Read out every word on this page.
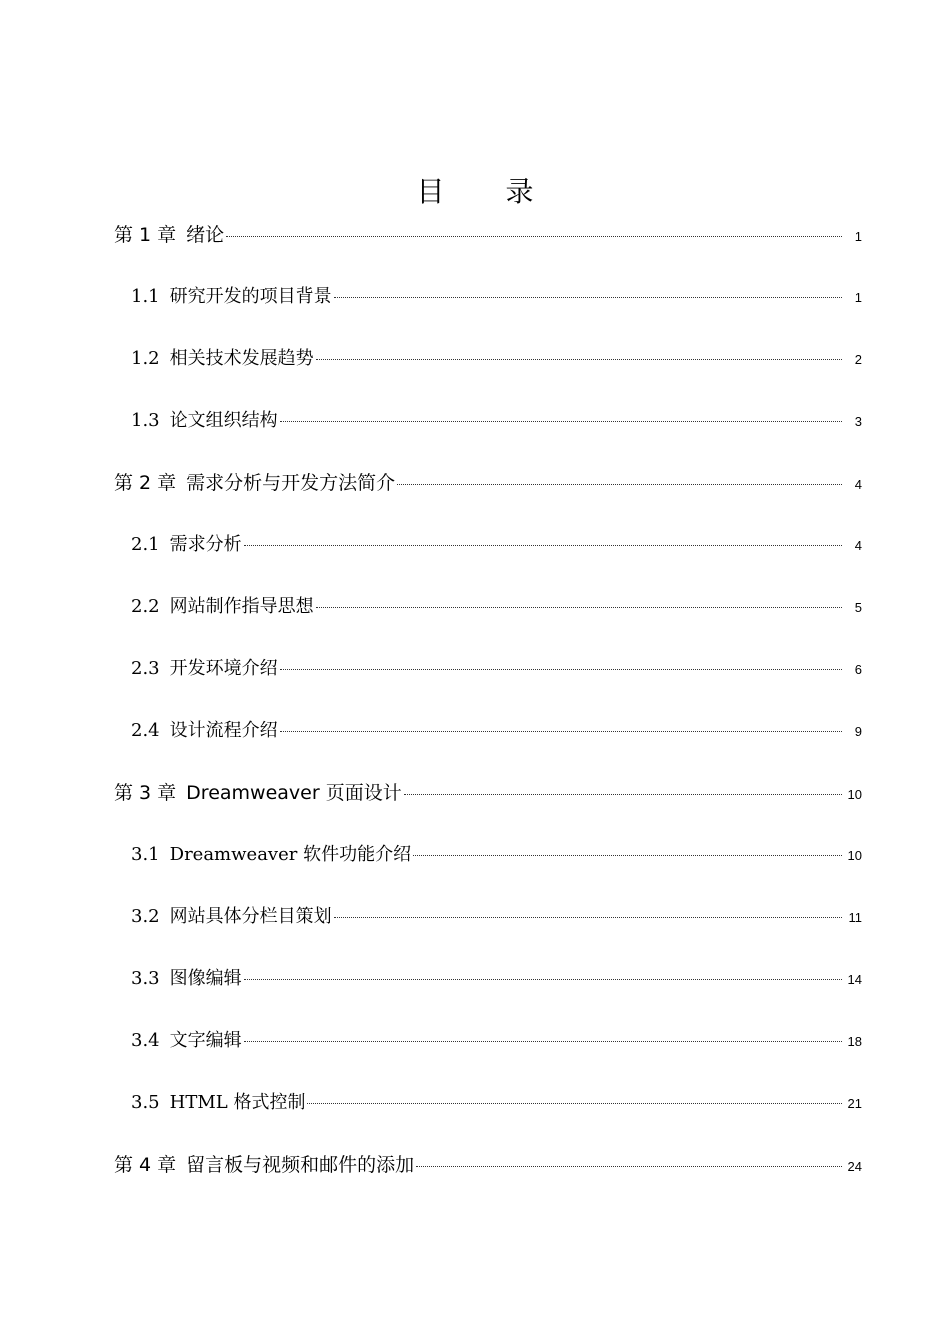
目 录
第 1 章 绪论	1
1.1 研究开发的项目背景	1
1.2 相关技术发展趋势	2
1.3 论文组织结构	3
第 2 章 需求分析与开发方法简介	4
2.1 需求分析	4
2.2 网站制作指导思想	5
2.3 开发环境介绍	6
2.4 设计流程介绍	9
第 3 章 Dreamweaver 页面设计	10
3.1 Dreamweaver 软件功能介绍	10
3.2 网站具体分栏目策划	11
3.3 图像编辑	14
3.4 文字编辑	18
3.5 HTML 格式控制	21
第 4 章 留言板与视频和邮件的添加	24
